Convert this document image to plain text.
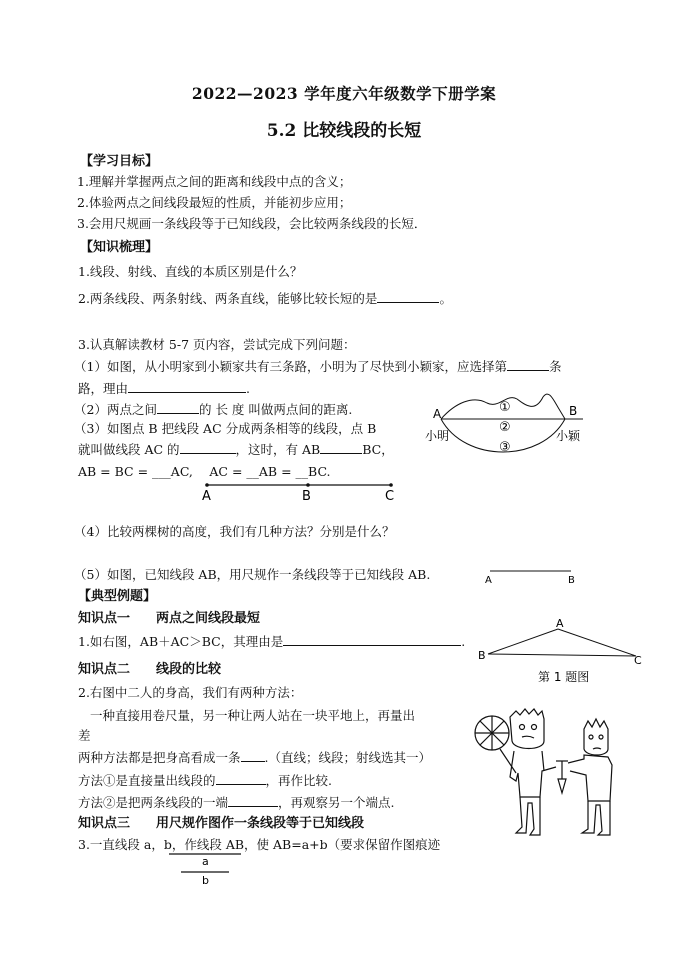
2022—2023 学年度六年级数学下册学案
5.2 比较线段的长短
【学习目标】
1.理解并掌握两点之间的距离和线段中点的含义；
2.体验两点之间线段最短的性质，并能初步应用；
3.会用尺规画一条线段等于已知线段，会比较两条线段的长短．
【知识梳理】
1.线段、射线、直线的本质区别是什么？
2.两条线段、两条射线、两条直线，能够比较长短的是	。
3.认真解读教材 5-7 页内容，尝试完成下列问题：
（1）如图，从小明家到小颖家共有三条路，小明为了尽快到小颖家，应选择第	条
路，理由	.
（2）两点之间	的 长 度 叫做两点间的距离.
（3）如图点 B 把线段 AC 分成两条相等的线段，点 B
就叫做线段 AC 的	，这时，有 AB	BC，
AB = BC = ___AC,　 AC = __AB = __BC.
A	B	C
A	B
小明	小颖
①
②
③
（4）比较两棵树的高度，我们有几种方法？分别是什么？
（5）如图，已知线段 AB，用尺规作一条线段等于已知线段 AB.	A	B
【典型例题】
知识点一　　两点之间线段最短
1.如右图，AB＋AC＞BC，其理由是	.
A
B	C
第 1 题图
知识点二　　线段的比较
2.右图中二人的身高，我们有两种方法：
一种直接用卷尺量，另一种让两人站在一块平地上，再量出
差
两种方法都是把身高看成一条 .（直线；线段；射线选其一）
方法①是直接量出线段的	，再作比较.
方法②是把两条线段的一端	，再观察另一个端点.
知识点三　　用尺规作图作一条线段等于已知线段
3.一直线段 a，b，作线段 AB，使 AB=a+b（要求保留作图痕迹
a
b
